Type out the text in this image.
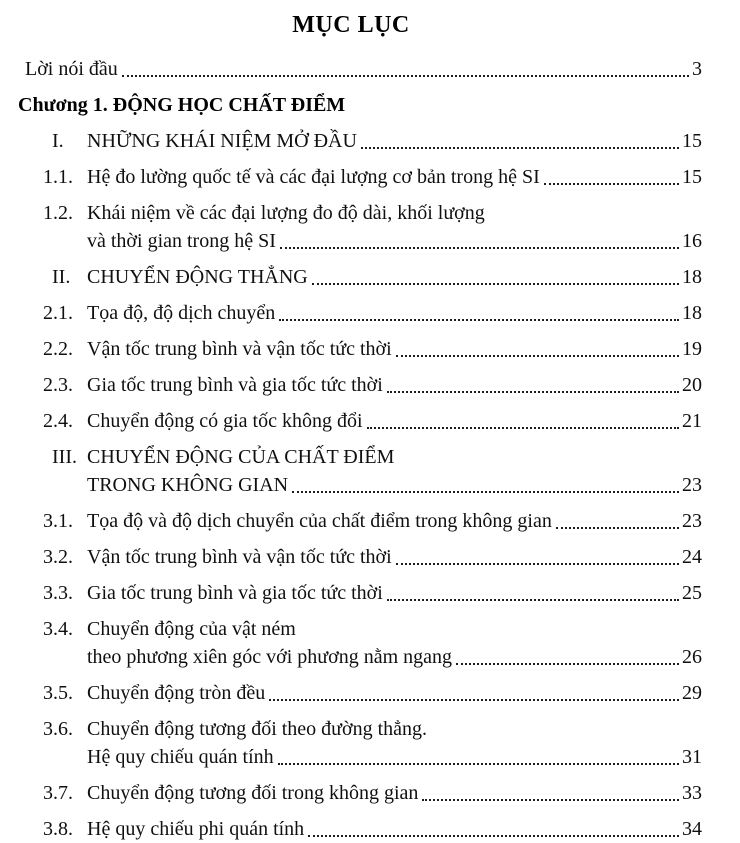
MỤC LỤC
Lời nói đầu	3
Chương 1. ĐỘNG HỌC CHẤT ĐIỂM
I.	NHỮNG KHÁI NIỆM MỞ ĐẦU	15
1.1. Hệ đo lường quốc tế và các đại lượng cơ bản trong hệ SI	15
1.2. Khái niệm về các đại lượng đo độ dài, khối lượng
và thời gian trong hệ SI	16
II. CHUYỂN ĐỘNG THẲNG	18
2.1. Tọa độ, độ dịch chuyển	18
2.2. Vận tốc trung bình và vận tốc tức thời	19
2.3. Gia tốc trung bình và gia tốc tức thời	20
2.4. Chuyển động có gia tốc không đổi	21
III. CHUYỂN ĐỘNG CỦA CHẤT ĐIỂM
TRONG KHÔNG GIAN	23
3.1. Tọa độ và độ dịch chuyển của chất điểm trong không gian	23
3.2. Vận tốc trung bình và vận tốc tức thời	24
3.3. Gia tốc trung bình và gia tốc tức thời	25
3.4. Chuyển động của vật ném
theo phương xiên góc với phương nằm ngang	26
3.5. Chuyển động tròn đều	29
3.6. Chuyển động tương đối theo đường thẳng.
Hệ quy chiếu quán tính	31
3.7. Chuyển động tương đối trong không gian	33
3.8. Hệ quy chiếu phi quán tính	34
